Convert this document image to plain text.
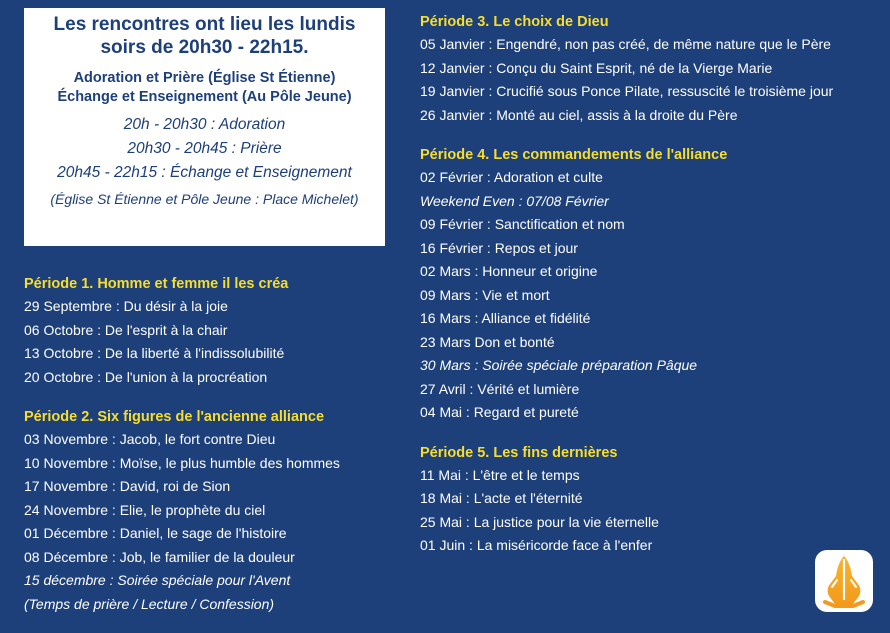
Les rencontres ont lieu les lundis
soirs de 20h30 - 22h15.
Adoration et Prière (Église St Étienne)
Échange et Enseignement (Au Pôle Jeune)
20h - 20h30 : Adoration
20h30 - 20h45 : Prière
20h45 - 22h15 : Échange et Enseignement
(Église St Étienne et Pôle Jeune : Place Michelet)
Période 1. Homme et femme il les créa
29 Septembre : Du désir à la joie
06 Octobre : De l'esprit à la chair
13 Octobre : De la liberté à l'indissolubilité
20 Octobre : De l'union à la procréation
Période 2. Six figures de l'ancienne alliance
03 Novembre : Jacob, le fort contre Dieu
10 Novembre : Moïse, le plus humble des hommes
17 Novembre : David, roi de Sion
24 Novembre : Elie, le prophète du ciel
01 Décembre : Daniel, le sage de l'histoire
08 Décembre : Job, le familier de la douleur
15 décembre : Soirée spéciale pour l'Avent
(Temps de prière / Lecture / Confession)
Période 3. Le choix de Dieu
05 Janvier : Engendré, non pas créé, de même nature que le Père
12 Janvier : Conçu du Saint Esprit, né de la Vierge Marie
19 Janvier : Crucifié sous Ponce Pilate, ressuscité le troisième jour
26 Janvier : Monté au ciel, assis à la droite du Père
Période 4. Les commandements de l'alliance
02 Février : Adoration et culte
Weekend Even : 07/08 Février
09 Février : Sanctification et nom
16 Février : Repos et jour
02 Mars : Honneur et origine
09 Mars : Vie et mort
16 Mars : Alliance et fidélité
23 Mars Don et bonté
30 Mars : Soirée spéciale préparation Pâque
27 Avril : Vérité et lumière
04 Mai : Regard et pureté
Période 5. Les fins dernières
11 Mai : L'être et le temps
18 Mai : L'acte et l'éternité
25 Mai : La justice pour la vie éternelle
01 Juin : La miséricorde face à l'enfer
